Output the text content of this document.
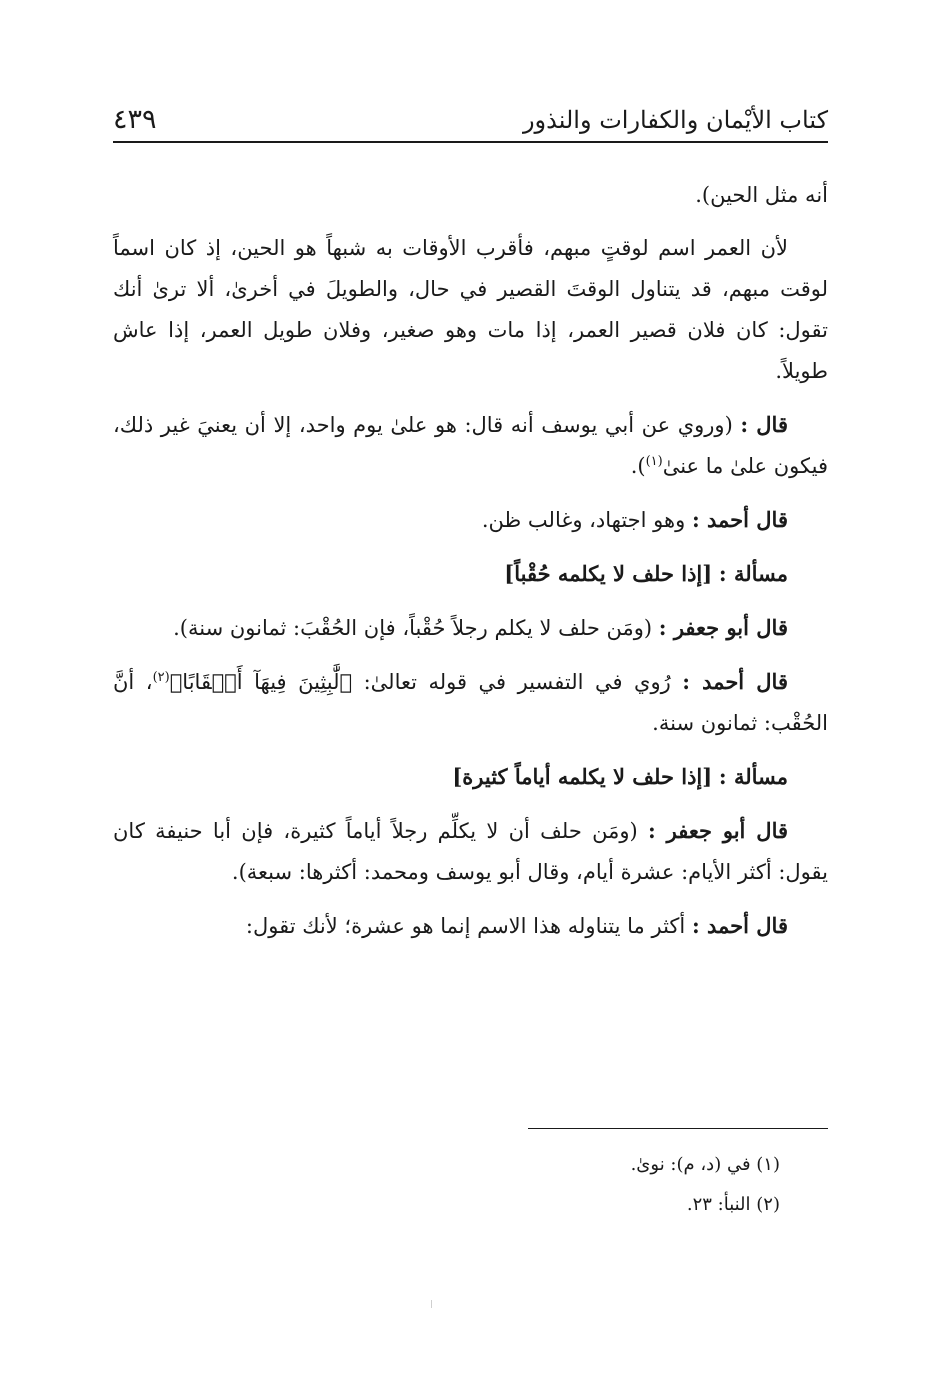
كتاب الأيْمان والكفارات والنذور
٤٣٩

أنه مثل الحين).

لأن العمر اسم لوقتٍ مبهم، فأقرب الأوقات به شبهاً هو الحين، إذ كان اسماً لوقت مبهم، قد يتناول الوقتَ القصير في حال، والطويلَ في أخرىٰ، ألا ترىٰ أنك تقول: كان فلان قصير العمر، إذا مات وهو صغير، وفلان طويل العمر، إذا عاش طويلاً.

قال : (وروي عن أبي يوسف أنه قال: هو علىٰ يوم واحد، إلا أن يعنيَ غير ذلك، فيكون علىٰ ما عنىٰ$^{(١)}$).

قال أحمد : وهو اجتهاد، وغالب ظن.

مسألة : [إذا حلف لا يكلمه حُقْباً]

قال أبو جعفر : (ومَن حلف لا يكلم رجلاً حُقْباً، فإن الحُقْبَ: ثمانون سنة).

قال أحمد : رُوي في التفسير في قوله تعالىٰ: ﴿لَّٰبِثِينَ فِيهَآ أَحۡقَابًا﴾$^{(٢)}$، أنَّ الحُقْب: ثمانون سنة.

مسألة : [إذا حلف لا يكلمه أياماً كثيرة]

قال أبو جعفر : (ومَن حلف أن لا يكلِّم رجلاً أياماً كثيرة، فإن أبا حنيفة كان يقول: أكثر الأيام: عشرة أيام، وقال أبو يوسف ومحمد: أكثرها: سبعة).

قال أحمد : أكثر ما يتناوله هذا الاسم إنما هو عشرة؛ لأنك تقول:

(١) في (د، م): نوىٰ.

(٢) النبأ: ٢٣.
